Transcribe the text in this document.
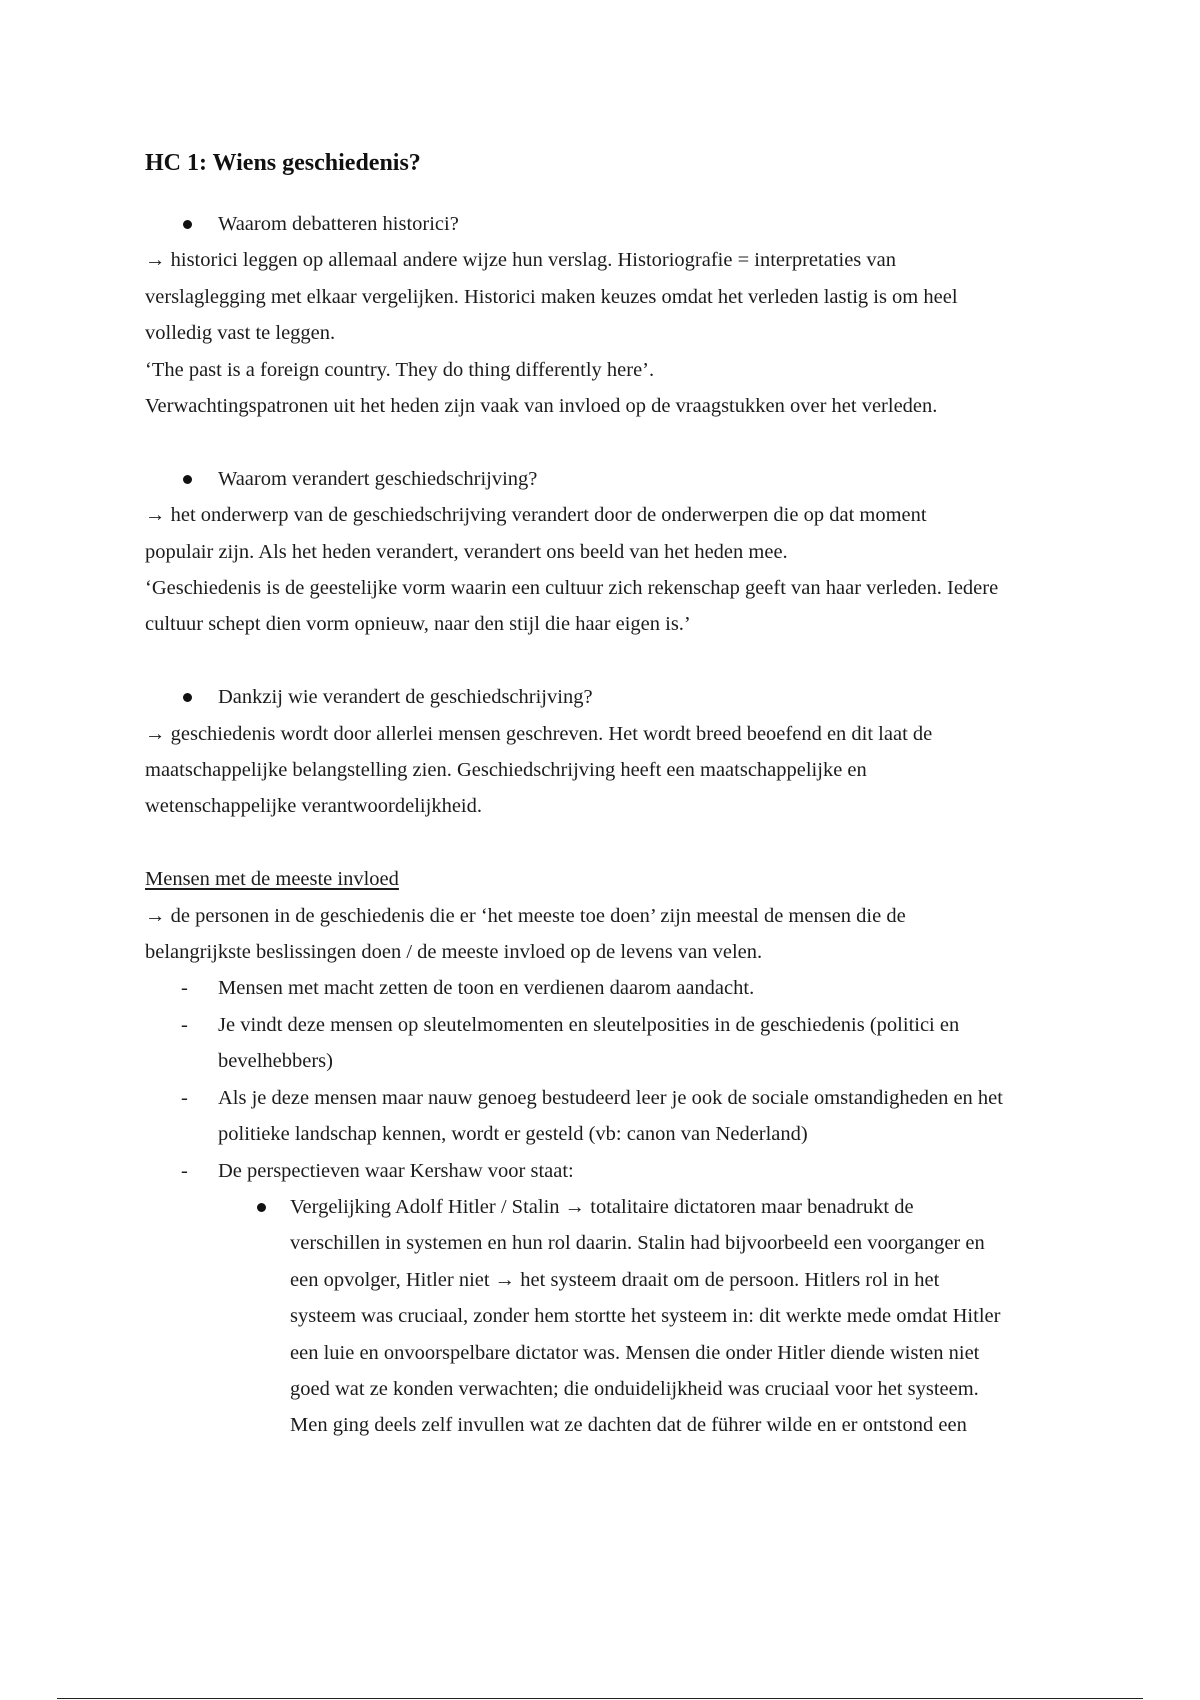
HC 1: Wiens geschiedenis?
Waarom debatteren historici?
→ historici leggen op allemaal andere wijze hun verslag. Historiografie = interpretaties van
verslaglegging met elkaar vergelijken. Historici maken keuzes omdat het verleden lastig is om heel
volledig vast te leggen.
‘The past is a foreign country. They do thing differently here’.
Verwachtingspatronen uit het heden zijn vaak van invloed op de vraagstukken over het verleden.
Waarom verandert geschiedschrijving?
→ het onderwerp van de geschiedschrijving verandert door de onderwerpen die op dat moment
populair zijn. Als het heden verandert, verandert ons beeld van het heden mee.
‘Geschiedenis is de geestelijke vorm waarin een cultuur zich rekenschap geeft van haar verleden. Iedere
cultuur schept dien vorm opnieuw, naar den stijl die haar eigen is.’
Dankzij wie verandert de geschiedschrijving?
→ geschiedenis wordt door allerlei mensen geschreven. Het wordt breed beoefend en dit laat de
maatschappelijke belangstelling zien. Geschiedschrijving heeft een maatschappelijke en
wetenschappelijke verantwoordelijkheid.
Mensen met de meeste invloed
→ de personen in de geschiedenis die er ‘het meeste toe doen’ zijn meestal de mensen die de
belangrijkste beslissingen doen / de meeste invloed op de levens van velen.
- Mensen met macht zetten de toon en verdienen daarom aandacht.
- Je vindt deze mensen op sleutelmomenten en sleutelposities in de geschiedenis (politici en
bevelhebbers)
- Als je deze mensen maar nauw genoeg bestudeerd leer je ook de sociale omstandigheden en het
politieke landschap kennen, wordt er gesteld (vb: canon van Nederland)
- De perspectieven waar Kershaw voor staat:
Vergelijking Adolf Hitler / Stalin → totalitaire dictatoren maar benadrukt de
verschillen in systemen en hun rol daarin. Stalin had bijvoorbeeld een voorganger en
een opvolger, Hitler niet → het systeem draait om de persoon. Hitlers rol in het
systeem was cruciaal, zonder hem stortte het systeem in: dit werkte mede omdat Hitler
een luie en onvoorspelbare dictator was. Mensen die onder Hitler diende wisten niet
goed wat ze konden verwachten; die onduidelijkheid was cruciaal voor het systeem.
Men ging deels zelf invullen wat ze dachten dat de führer wilde en er ontstond een
